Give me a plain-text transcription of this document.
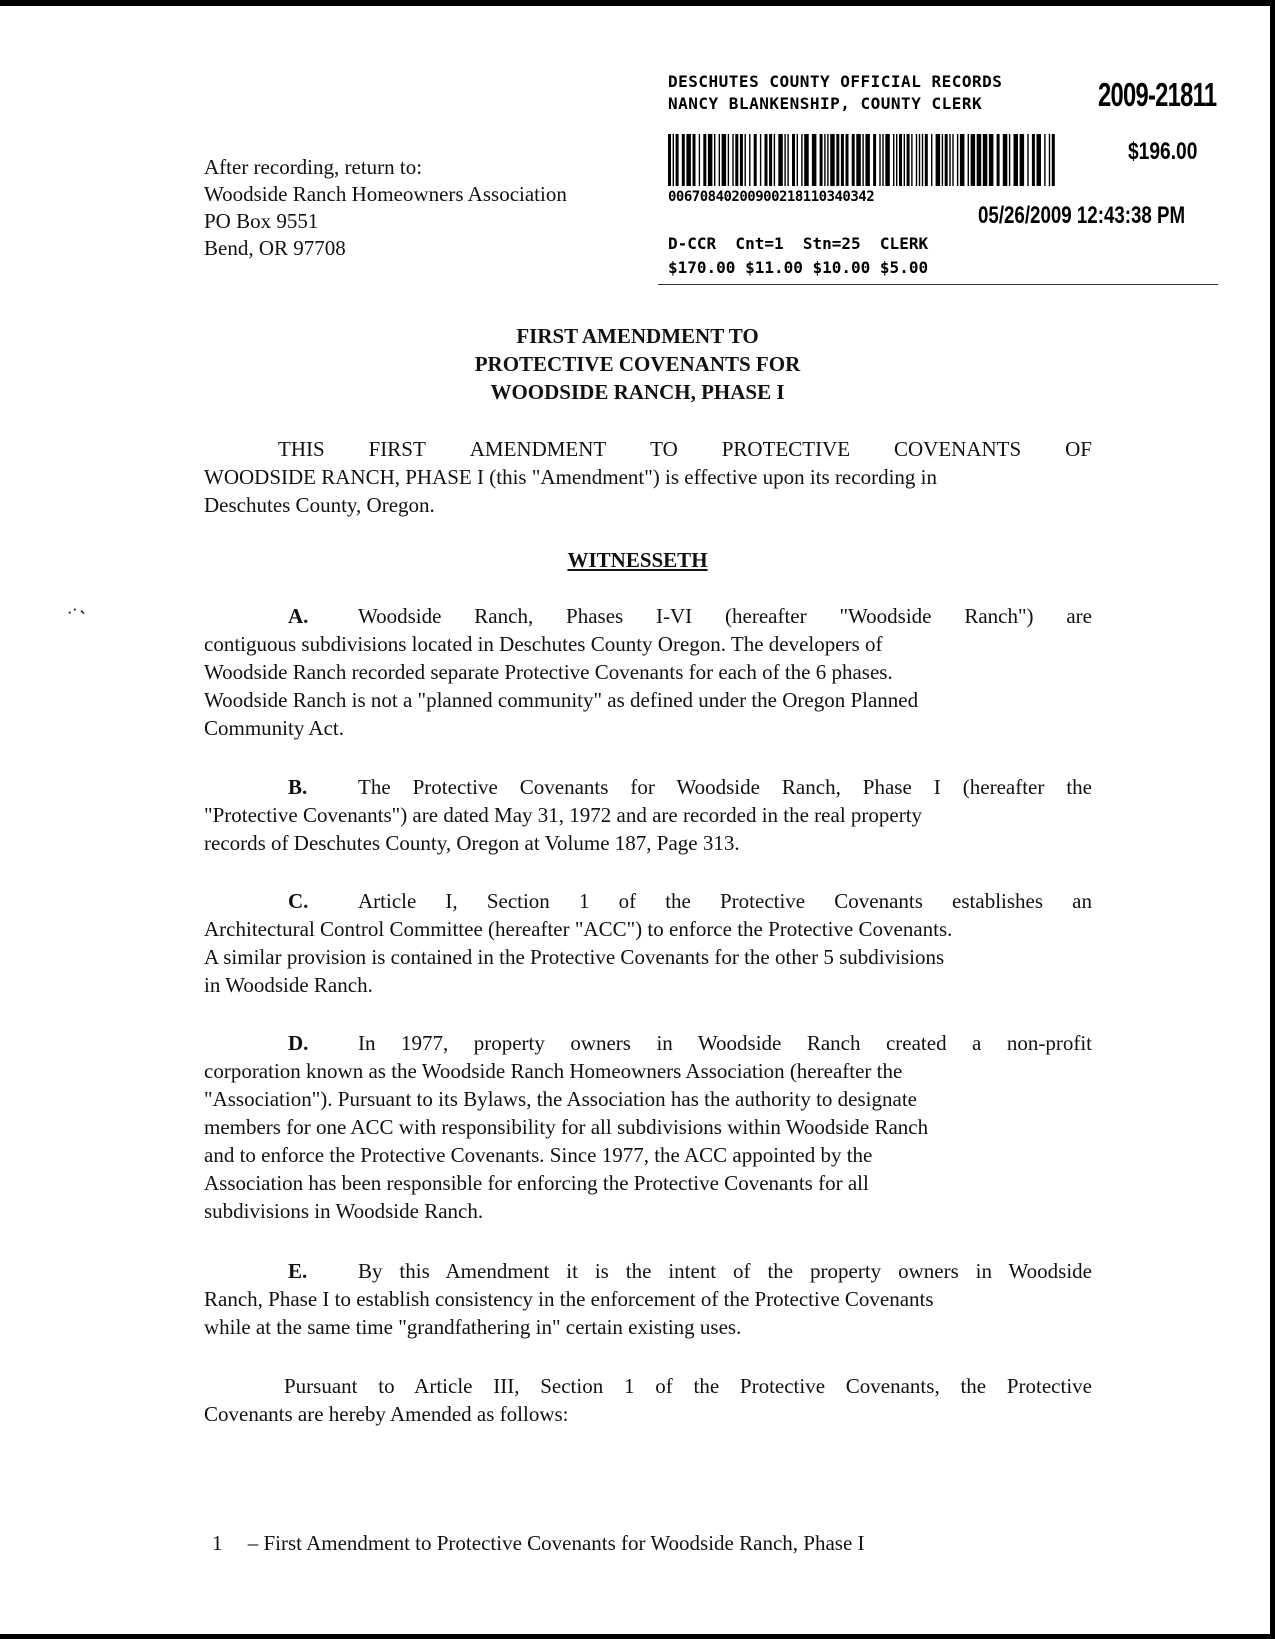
After recording, return to:
Woodside Ranch Homeowners Association
PO Box 9551
Bend, OR 97708
DESCHUTES COUNTY OFFICIAL RECORDS
NANCY BLANKENSHIP, COUNTY CLERK	2009-21811
$196.00
00670840200900218110340342
05/26/2009 12:43:38 PM
D-CCR  Cnt=1  Stn=25  CLERK
$170.00 $11.00 $10.00 $5.00
FIRST AMENDMENT TO
PROTECTIVE COVENANTS FOR
WOODSIDE RANCH, PHASE I
THIS FIRST AMENDMENT TO PROTECTIVE COVENANTS OF
WOODSIDE RANCH, PHASE I (this "Amendment") is effective upon its recording in
Deschutes County, Oregon.
WITNESSETH
··⹁	A.	Woodside Ranch, Phases I-VI (hereafter "Woodside Ranch") are
contiguous subdivisions located in Deschutes County Oregon. The developers of
Woodside Ranch recorded separate Protective Covenants for each of the 6 phases.
Woodside Ranch is not a "planned community" as defined under the Oregon Planned
Community Act.
B.	The Protective Covenants for Woodside Ranch, Phase I (hereafter the
"Protective Covenants") are dated May 31, 1972 and are recorded in the real property
records of Deschutes County, Oregon at Volume 187, Page 313.
C.	Article I, Section 1 of the Protective Covenants establishes an
Architectural Control Committee (hereafter "ACC") to enforce the Protective Covenants.
A similar provision is contained in the Protective Covenants for the other 5 subdivisions
in Woodside Ranch.
D.	In 1977, property owners in Woodside Ranch created a non-profit
corporation known as the Woodside Ranch Homeowners Association (hereafter the
"Association"). Pursuant to its Bylaws, the Association has the authority to designate
members for one ACC with responsibility for all subdivisions within Woodside Ranch
and to enforce the Protective Covenants. Since 1977, the ACC appointed by the
Association has been responsible for enforcing the Protective Covenants for all
subdivisions in Woodside Ranch.
E.	By this Amendment it is the intent of the property owners in Woodside
Ranch, Phase I to establish consistency in the enforcement of the Protective Covenants
while at the same time "grandfathering in" certain existing uses.
Pursuant to Article III, Section 1 of the Protective Covenants, the Protective
Covenants are hereby Amended as follows:
1 – First Amendment to Protective Covenants for Woodside Ranch, Phase I
